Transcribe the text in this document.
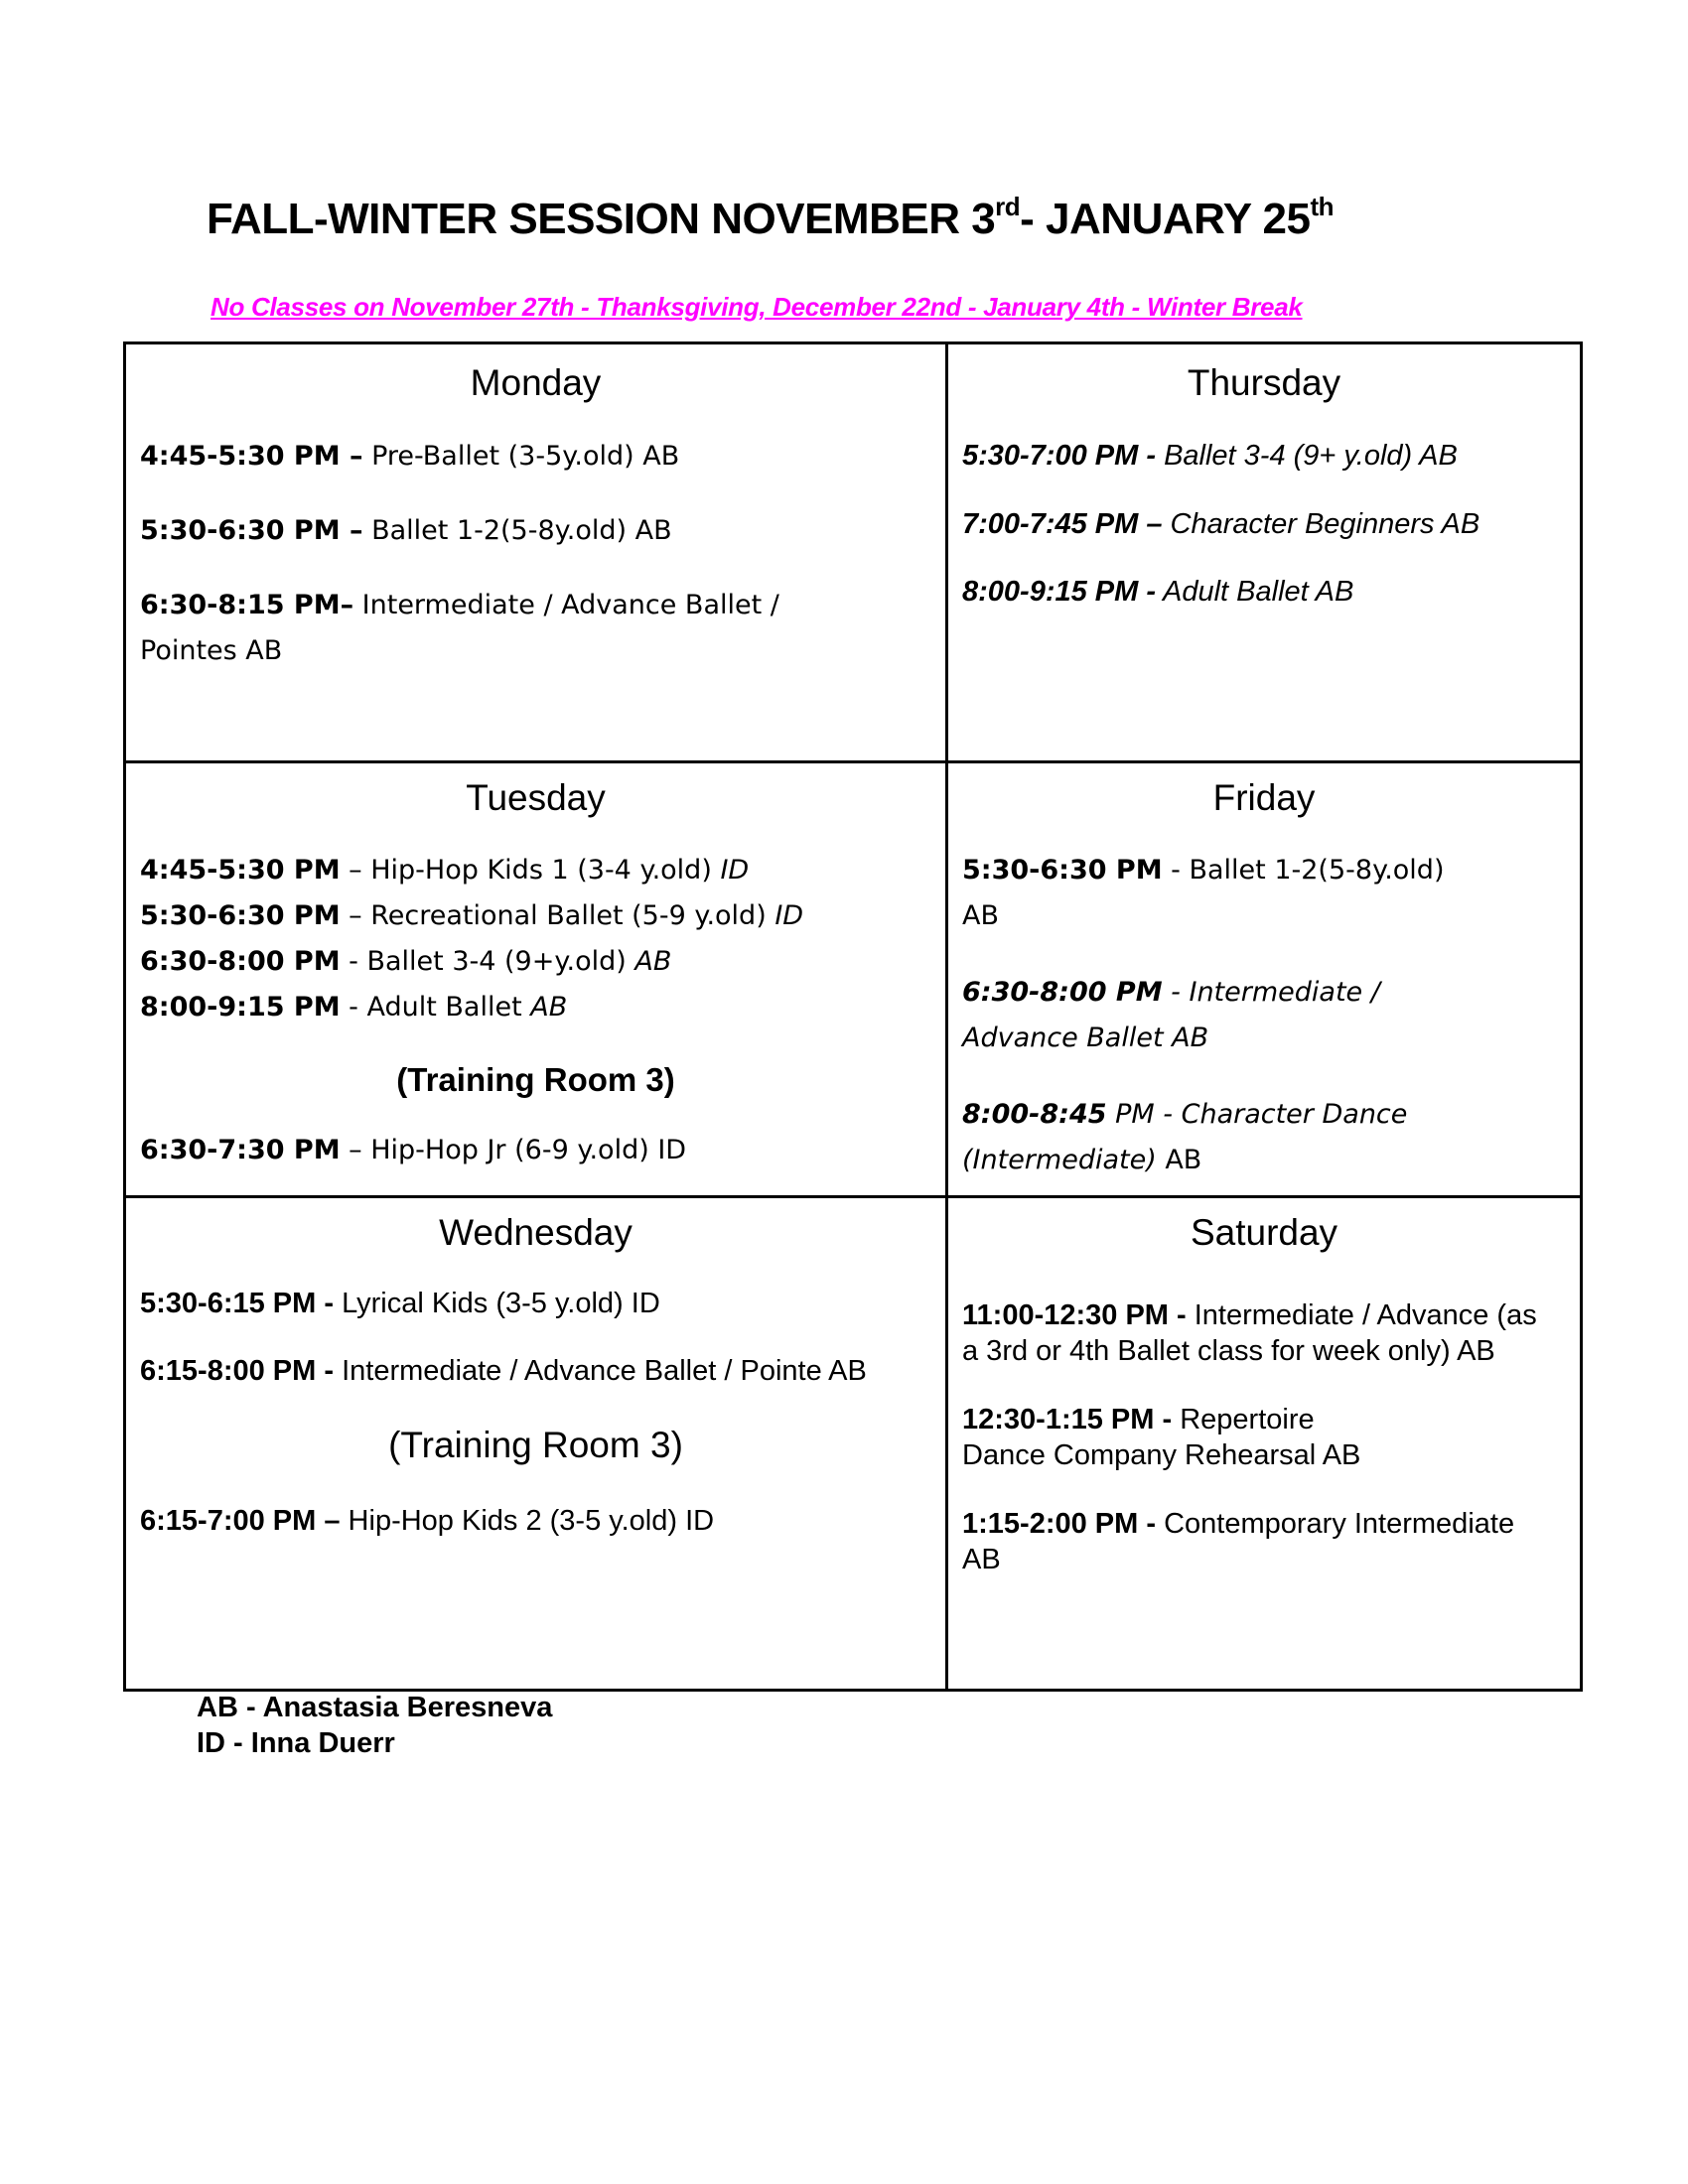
FALL-WINTER SESSION NOVEMBER 3rd- JANUARY 25th
No Classes on November 27th - Thanksgiving, December 22nd - January 4th - Winter Break
Monday
4:45-5:30 PM – Pre-Ballet (3-5y.old) AB
5:30-6:30 PM – Ballet 1-2(5-8y.old) AB
6:30-8:15 PM– Intermediate / Advance Ballet /
Pointes AB
Thursday
5:30-7:00 PM - Ballet 3-4 (9+ y.old) AB
7:00-7:45 PM – Character Beginners AB
8:00-9:15 PM - Adult Ballet AB
Tuesday
4:45-5:30 PM – Hip-Hop Kids 1 (3-4 y.old) ID
5:30-6:30 PM – Recreational Ballet (5-9 y.old) ID
6:30-8:00 PM - Ballet 3-4 (9+y.old) AB
8:00-9:15 PM - Adult Ballet AB
(Training Room 3)
6:30-7:30 PM – Hip-Hop Jr (6-9 y.old) ID
Friday
5:30-6:30 PM - Ballet 1-2(5-8y.old)
AB
6:30-8:00 PM - Intermediate /
Advance Ballet AB
8:00-8:45 PM - Character Dance
(Intermediate) AB
Wednesday
5:30-6:15 PM - Lyrical Kids (3-5 y.old) ID
6:15-8:00 PM - Intermediate / Advance Ballet / Pointe AB
(Training Room 3)
6:15-7:00 PM – Hip-Hop Kids 2 (3-5 y.old) ID
Saturday
11:00-12:30 PM - Intermediate / Advance (as
a 3rd or 4th Ballet class for week only) AB
12:30-1:15 PM - Repertoire
Dance Company Rehearsal AB
1:15-2:00 PM - Contemporary Intermediate
AB
AB - Anastasia Beresneva
ID - Inna Duerr
